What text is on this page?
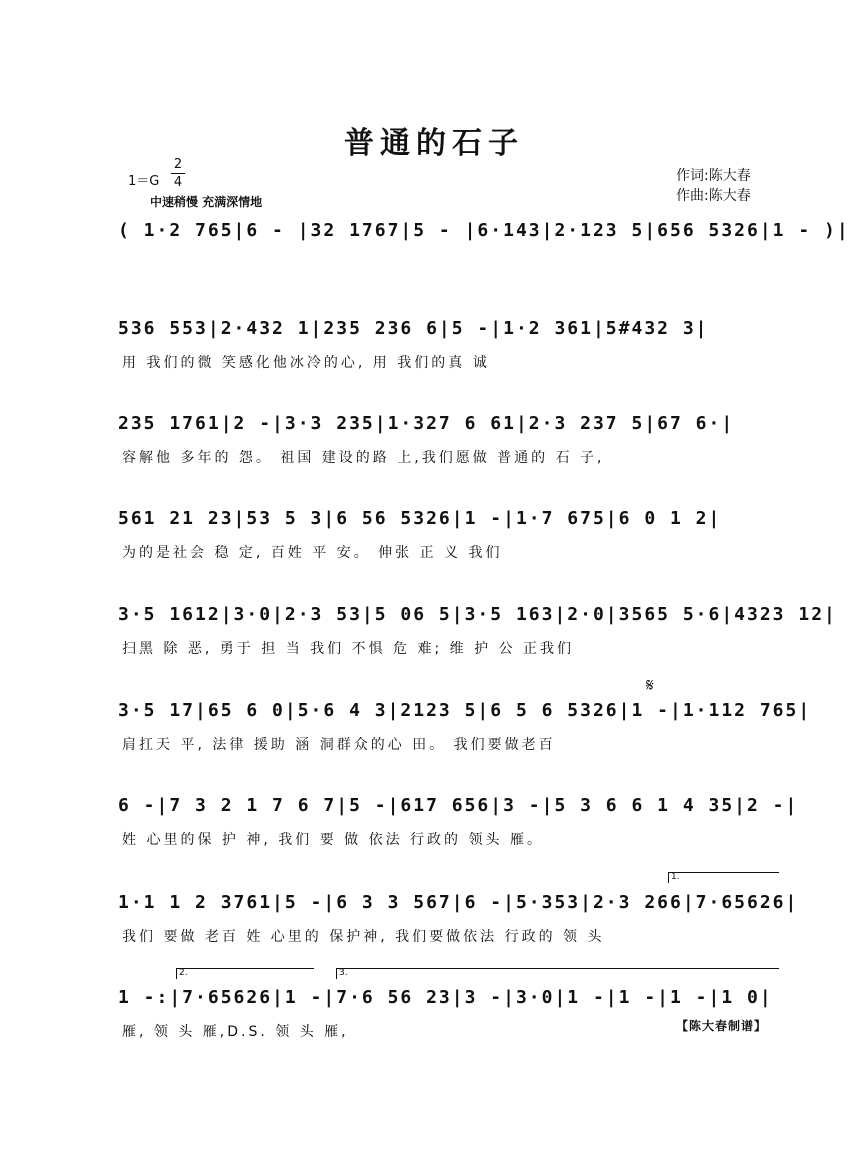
普通的石子
1＝G
2
4
中速稍慢 充满深情地
作词:陈大春
作曲:陈大春
( 1·2 765|6 - |32 1767|5 - |6·143|2·123 5|656 5326|1 - )|
536 553|2·432 1|235 236 6|5 -|1·2 361|5#432 3|
用 我们的微 笑感化他冰冷的心, 用 我们的真 诚
235 1761|2 -|3·3 235|1·327 6 61|2·3 237 5|67 6·|
容解他 多年的 怨。 祖国 建设的路 上,我们愿做 普通的 石 子,
561 21 23|53 5 3|6 56 5326|1 -|1·7 675|6 0 1 2|
为的是社会 稳 定, 百姓 平 安。 伸张 正 义 我们
3·5 1612|3·0|2·3 53|5 06 5|3·5 163|2·0|3565 5·6|4323 12|
扫黑 除 恶, 勇于 担 当 我们 不惧 危 难; 维 护 公 正我们
3·5 17|65 6 0|5·6 4 3|2123 5|6 5 6 5326|1 -|1·112 765|
肩扛天 平, 法律 援助 涵 洞群众的心 田。 我们要做老百
𝄋
6 -|7 3 2 1 7 6 7|5 -|617 656|3 -|5 3 6 6 1 4 35|2 -|
姓 心里的保 护 神, 我们 要 做 依法 行政的 领头 雁。
1.
1·1 1 2 3761|5 -|6 3 3 567|6 -|5·353|2·3 266|7·65626|
我们 要做 老百 姓 心里的 保护神, 我们要做依法 行政的 领 头
2.	3.
1 -:|7·65626|1 -|7·6 56 23|3 -|3·0|1 -|1 -|1 -|1 0|
雁, 领 头 雁,D.S. 领 头 雁,	【陈大春制谱】
